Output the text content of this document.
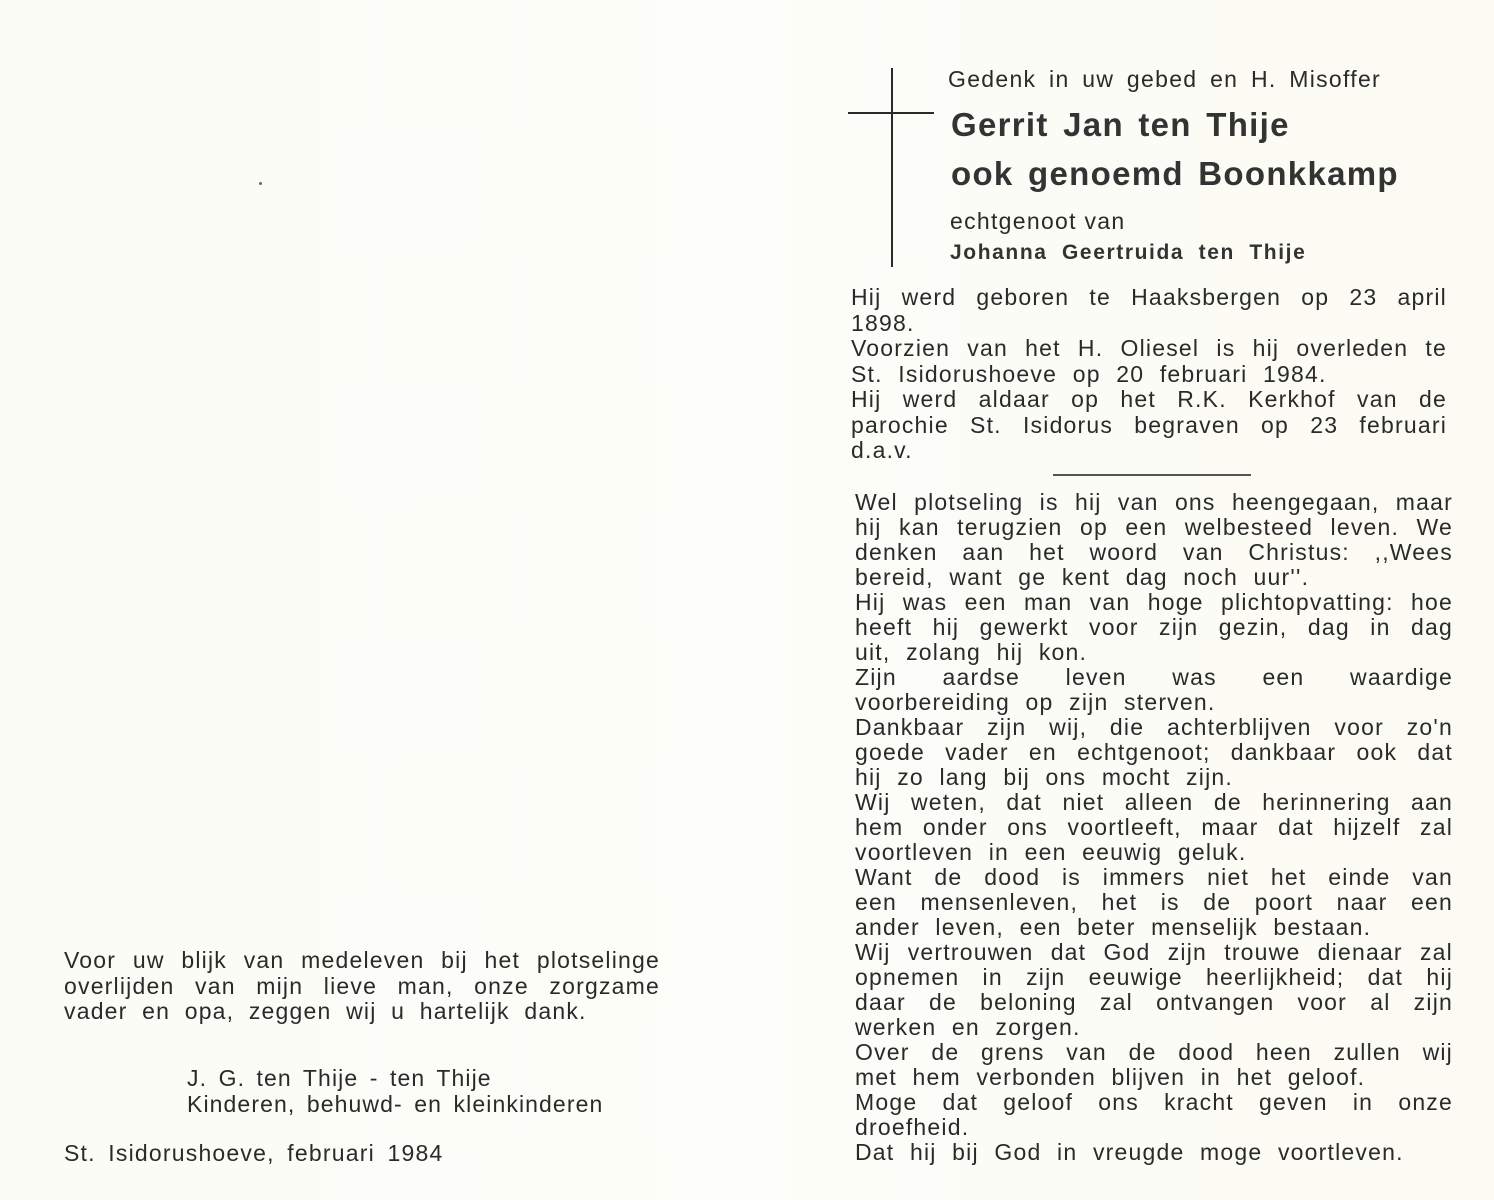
Voor uw blijk van medeleven bij het plotselinge overlijden van mijn lieve man, onze zorgzame vader en opa, zeggen wij u hartelijk dank.
J. G. ten Thije - ten Thije
Kinderen, behuwd- en kleinkinderen
St. Isidorushoeve, februari 1984
Gedenk in uw gebed en H. Misoffer
Gerrit Jan ten Thije
ook genoemd Boonkkamp
echtgenoot van
Johanna Geertruida ten Thije

Hij werd geboren te Haaksbergen op 23 april 1898.

Voorzien van het H. Oliesel is hij overleden te St. Isidorushoeve op 20 februari 1984.

Hij werd aldaar op het R.K. Kerkhof van de parochie St. Isidorus begraven op 23 februari d.a.v.

Wel plotseling is hij van ons heengegaan, maar hij kan terugzien op een welbesteed leven. We denken aan het woord van Christus: ,,Wees bereid, want ge kent dag noch uur''.

Hij was een man van hoge plichtopvatting: hoe heeft hij gewerkt voor zijn gezin, dag in dag uit, zolang hij kon.

Zijn aardse leven was een waardige voorbereiding op zijn sterven.

Dankbaar zijn wij, die achterblijven voor zo'n goede vader en echtgenoot; dankbaar ook dat hij zo lang bij ons mocht zijn.

Wij weten, dat niet alleen de herinnering aan hem onder ons voortleeft, maar dat hijzelf zal voortleven in een eeuwig geluk.

Want de dood is immers niet het einde van een mensenleven, het is de poort naar een ander leven, een beter menselijk bestaan.

Wij vertrouwen dat God zijn trouwe dienaar zal opnemen in zijn eeuwige heerlijkheid; dat hij daar de beloning zal ontvangen voor al zijn werken en zorgen.

Over de grens van de dood heen zullen wij met hem verbonden blijven in het geloof.

Moge dat geloof ons kracht geven in onze droefheid.

Dat hij bij God in vreugde moge voortleven.
